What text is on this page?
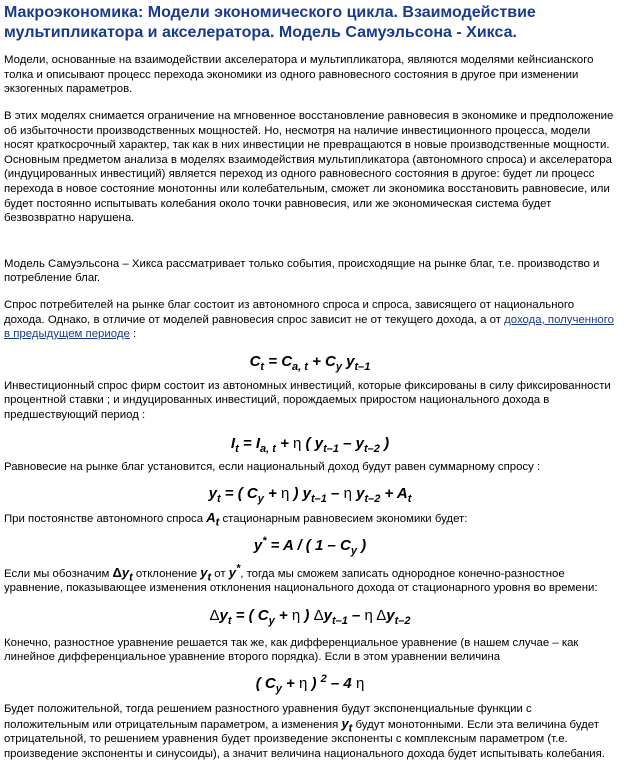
Макроэкономика: Модели экономического цикла. Взаимодействие мультипликатора и акселератора. Модель Самуэльсона - Хикса.

Модели, основанные на взаимодействии акселератора и мультипликатора, являются моделями кейнсианского толка и описывают процесс перехода экономики из одного равновесного состояния в другое при изменении экзогенных параметров.

В этих моделях снимается ограничение на мгновенное восстановление равновесия в экономике и предположение об избыточности производственных мощностей. Но, несмотря на наличие инвестиционного процесса, модели носят краткосрочный характер, так как в них инвестиции не превращаются в новые производственные мощности. Основным предметом анализа в моделях взаимодействия мультипликатора (автономного спроса) и акселератора (индуцированных инвестиций) является переход из одного равновесного состояния в другое: будет ли процесс перехода в новое состояние монотонны или колебательным, сможет ли экономика восстановить равновесие, или будет постоянно испытывать колебания около точки равновесия, или же экономическая система будет безвозвратно нарушена.

Модель Самуэльсона – Хикса рассматривает только события, происходящие на рынке благ, т.е. производство и потребление благ.

Спрос потребителей на рынке благ состоит из автономного спроса и спроса, зависящего от национального дохода. Однако, в отличие от моделей равновесия спрос зависит не от текущего дохода, а от дохода, полученного в предыдущем периоде :

$C_t = C_{a, t} + C_y$ $y_{t-1}$

Инвестиционный спрос фирм состоит из автономных инвестиций, которые фиксированы в силу фиксированности процентной ставки ; и индуцированных инвестиций, порождаемых приростом национального дохода в предшествующий период :

$I_t = I_{a, t} + \eta$ ( $y_{t-1} - y_{t-2}$ )

Равновесие на рынке благ установится, если национальный доход будут равен суммарному спросу :

$y_t$ = ( $C_y + \eta$ ) $y_{t-1}$ – η $y_{t-2} + A_t$

При постоянстве автономного спроса $A_t$ стационарным равновесием экономики будет:

y* = A / ( $1 - C_y$ )

Если мы обозначим $\Delta y_t$ отклонение $y_t$ от y*, тогда мы сможем записать однородное конечно-разностное уравнение, показывающее изменения отклонения национального дохода от стационарного уровня во времени:

$\Delta y_t$ = ( $C_y + \eta$ ) $\Delta y_{t-1}$ – η $\Delta y_{t-2}$

Конечно, разностное уравнение решается так же, как дифференциальное уравнение (в нашем случае – как линейное дифференциальное уравнение второго порядка). Если в этом уравнении величина

( $C_y + \eta$ ) $^2$ – 4 η

Будет положительной, тогда решением разностного уравнения будут экспоненциальные функции с положительным или отрицательным параметром, а изменения $y_t$ будут монотонными. Если эта величина будет отрицательной, то решением уравнения будет произведение экспоненты с комплексным параметром (т.е. произведение экспоненты и синусоиды), а значит величина национального дохода будет испытывать колебания.
